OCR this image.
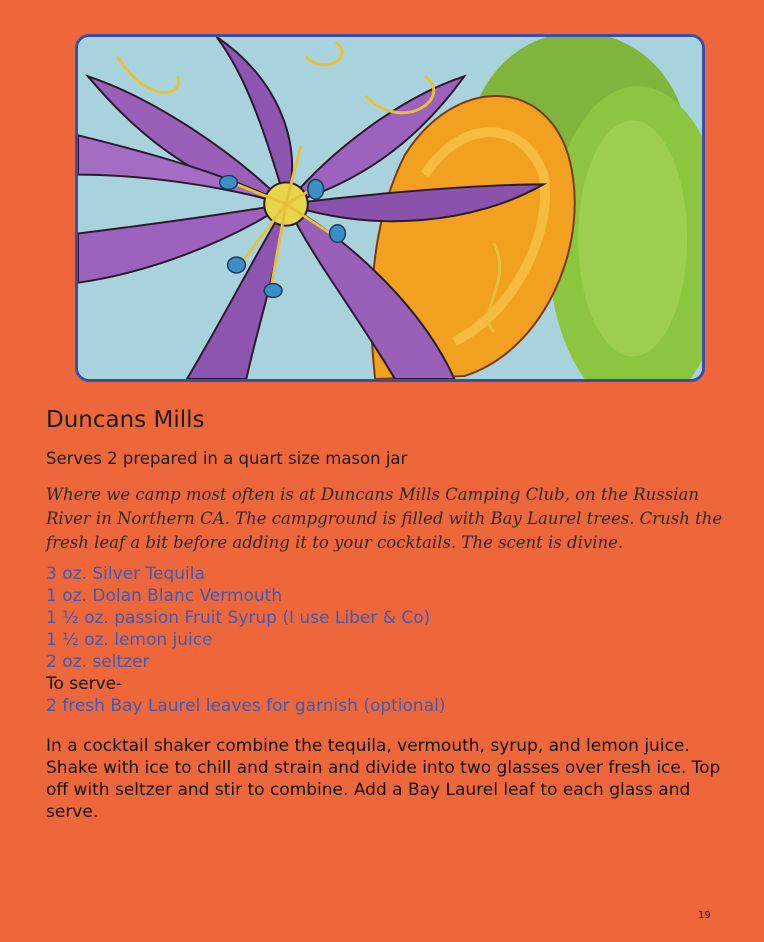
Duncans Mills
Serves 2 prepared in a quart size mason jar
Where we camp most often is at Duncans Mills Camping Club, on the Russian River in Northern CA. The campground is filled with Bay Laurel trees. Crush the fresh leaf a bit before adding it to your cocktails. The scent is divine.
3 oz. Silver Tequila
1 oz. Dolan Blanc Vermouth
1 ½ oz. passion Fruit Syrup (I use Liber & Co)
1 ½ oz. lemon juice
2 oz. seltzer
To serve-
2 fresh Bay Laurel leaves for garnish (optional)
In a cocktail shaker combine the tequila, vermouth, syrup, and lemon juice. Shake with ice to chill and strain and divide into two glasses over fresh ice. Top off with seltzer and stir to combine. Add a Bay Laurel leaf to each glass and serve.
19
